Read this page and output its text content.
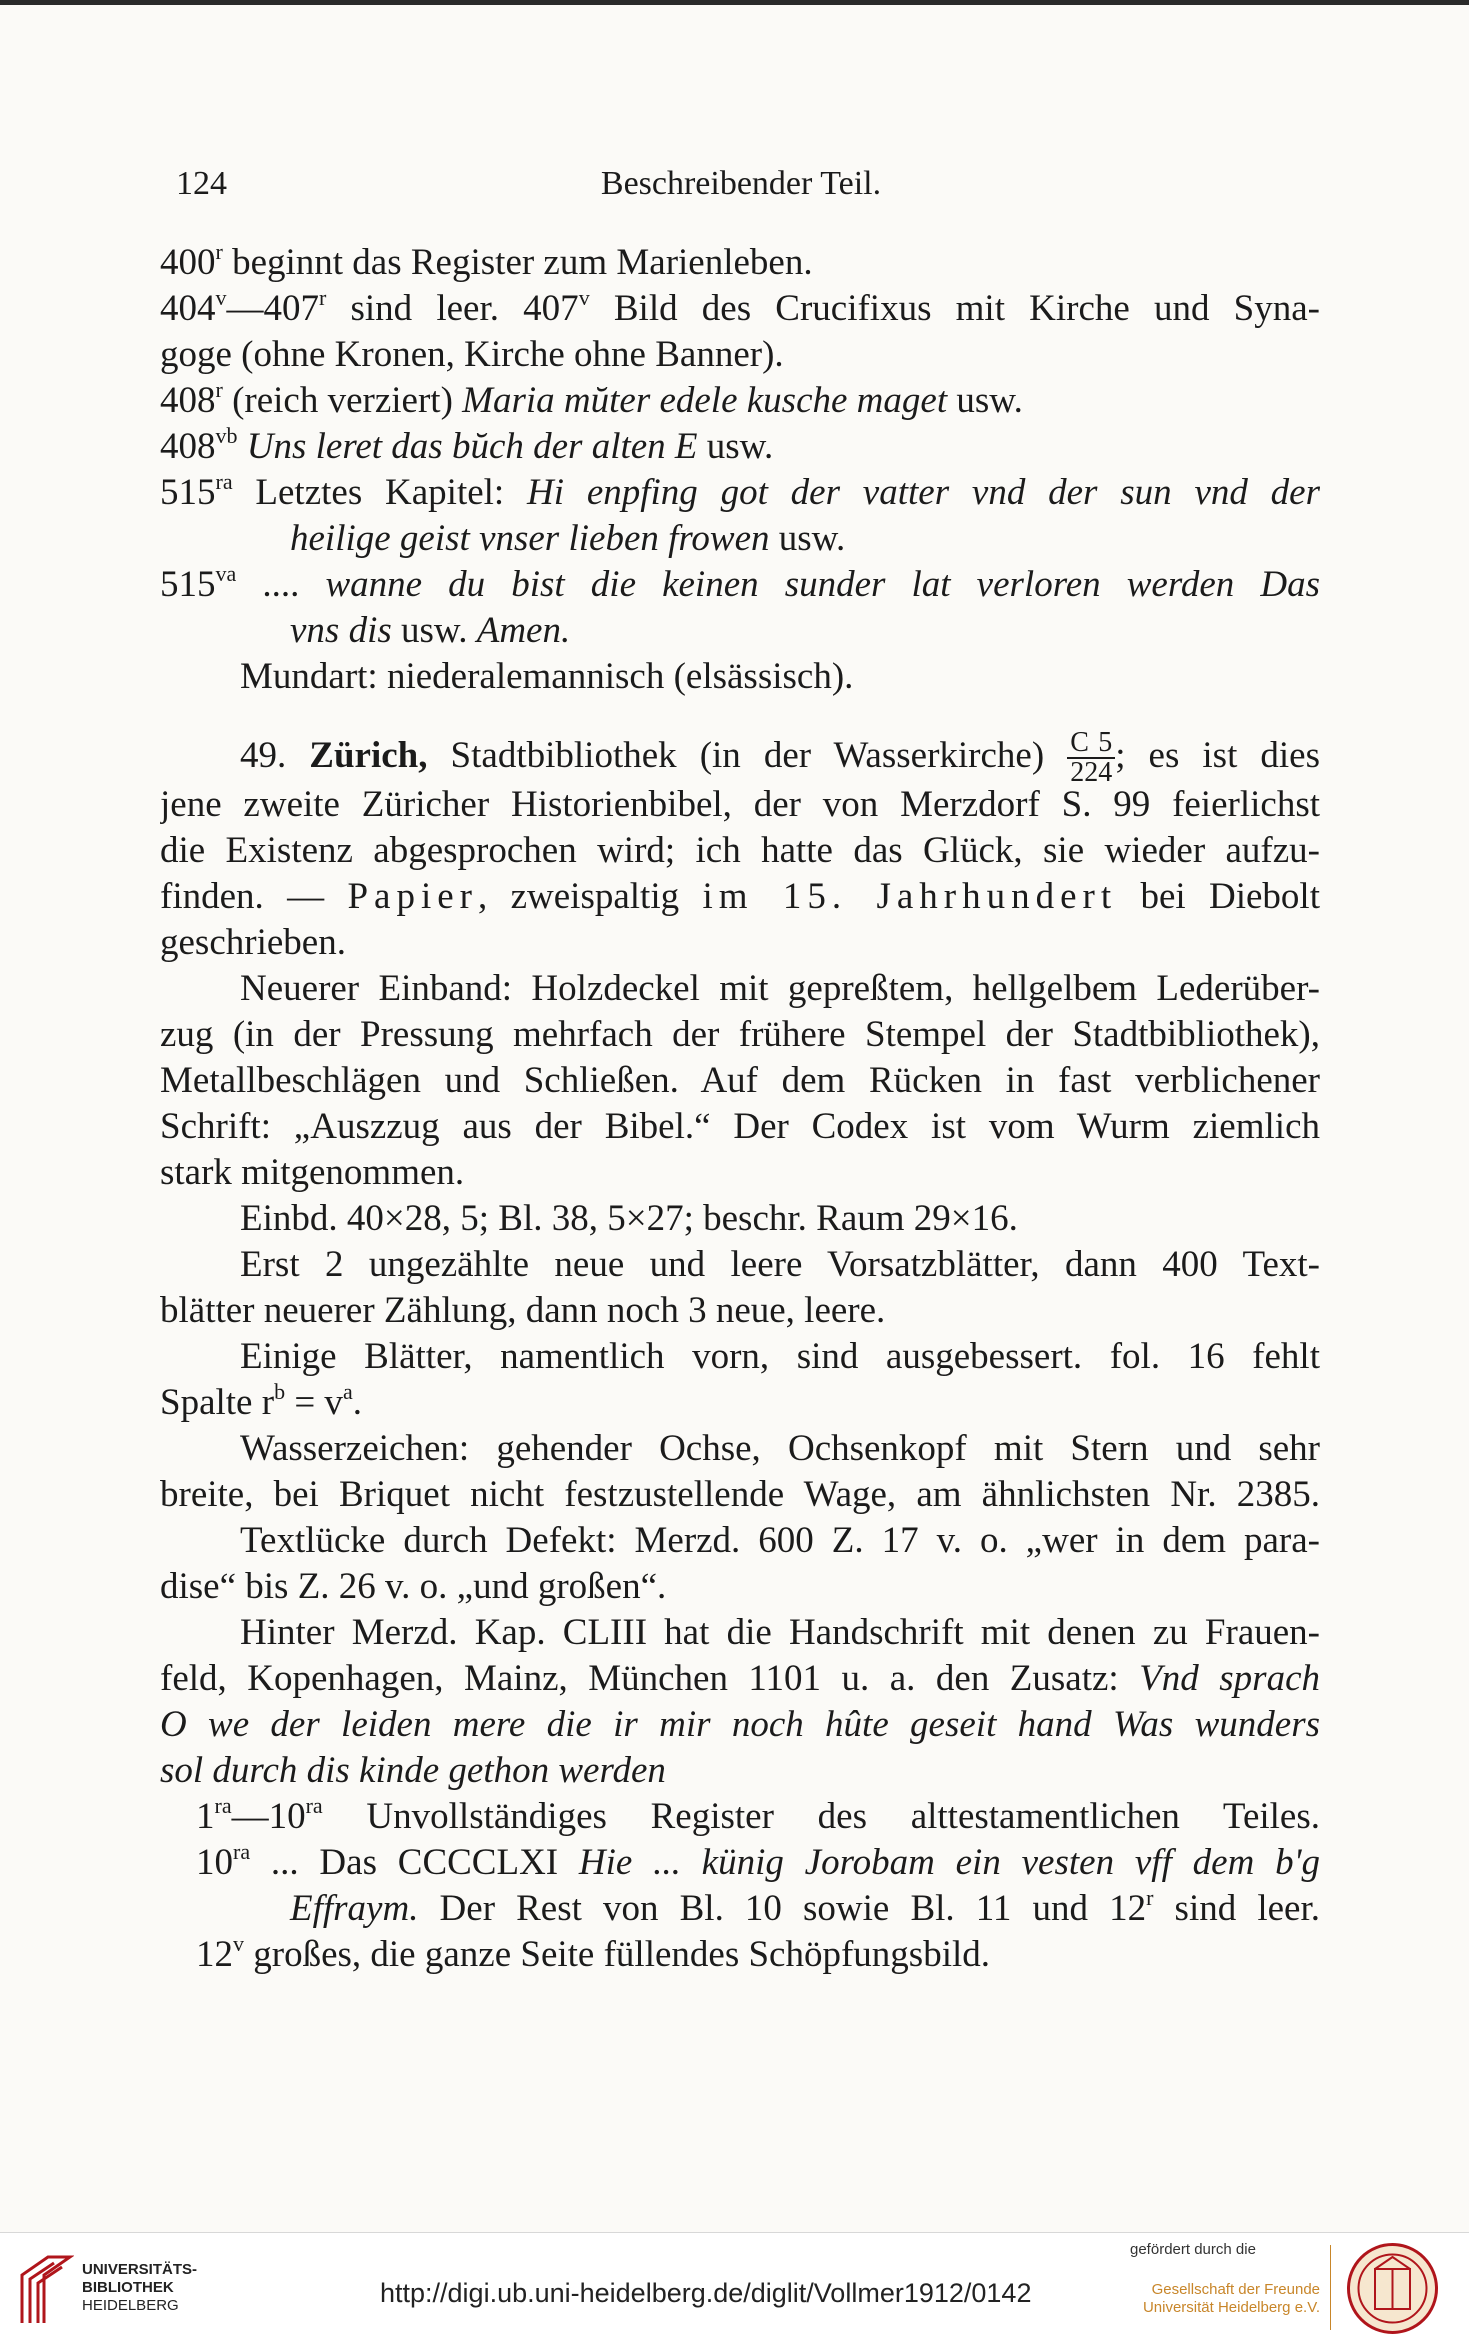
124	Beschreibender Teil.
400$^r$ beginnt das Register zum Marienleben.
404$^v$—407$^r$ sind leer. 407$^v$ Bild des Crucifixus mit Kirche und Syna-
goge (ohne Kronen, Kirche ohne Banner).
408$^r$ (reich verziert) Maria mŭter edele kusche maget usw.
$408^{vb}$ Uns leret das bŭch der alten E usw.
$515^{ra}$ Letztes Kapitel: Hi enpfing got der vatter vnd der sun vnd der
heilige geist vnser lieben frowen usw.
$515^{va}$ .... wanne du bist die keinen sunder lat verloren werden Das
vns dis usw. Amen.
Mundart: niederalemannisch (elsässisch).
49. Zürich, Stadtbibliothek (in der Wasserkirche) $\frac{C 5}{224}$ ; es ist dies
jene zweite Züricher Historienbibel, der von Merzdorf S. 99 feierlichst
die Existenz abgesprochen wird; ich hatte das Glück, sie wieder aufzu-
finden. — Papier, zweispaltig im 15. Jahrhundert bei Diebolt
geschrieben.
Neuerer Einband: Holzdeckel mit gepreßtem, hellgelbem Lederüber-
zug (in der Pressung mehrfach der frühere Stempel der Stadtbibliothek),
Metallbeschlägen und Schließen. Auf dem Rücken in fast verblichener
Schrift: „Auszzug aus der Bibel.“ Der Codex ist vom Wurm ziemlich
stark mitgenommen.
Einbd. 40×28, 5; Bl. 38, 5×27; beschr. Raum 29×16.
Erst 2 ungezählte neue und leere Vorsatzblätter, dann 400 Text-
blätter neuerer Zählung, dann noch 3 neue, leere.
Einige Blätter, namentlich vorn, sind ausgebessert. fol. 16 fehlt
Spalte $r^b = v^a$.
Wasserzeichen: gehender Ochse, Ochsenkopf mit Stern und sehr
breite, bei Briquet nicht festzustellende Wage, am ähnlichsten Nr. 2385.
Textlücke durch Defekt: Merzd. 600 Z. 17 v. o. „wer in dem para-
dise“ bis Z. 26 v. o. „und großen“.
Hinter Merzd. Kap. CLIII hat die Handschrift mit denen zu Frauen-
feld, Kopenhagen, Mainz, München 1101 u. a. den Zusatz: Vnd sprach
O we der leiden mere die ir mir noch hûte geseit hand Was wunders
sol durch dis kinde gethon werden
$1^{ra}—10^{ra}$ Unvollständiges Register des alttestamentlichen Teiles.
$10^{ra}$ ... Das CCCCLXI Hie ... künig Jorobam ein vesten vff dem b'g
Effraym. Der Rest von Bl. 10 sowie Bl. 11 und 12$^r$ sind leer.
12$^v$ großes, die ganze Seite füllendes Schöpfungsbild.
UNIVERSITÄTS-
BIBLIOTHEK
HEIDELBERG	http://digi.ub.uni-heidelberg.de/diglit/Vollmer1912/0142
gefördert durch die
Gesellschaft der Freunde
Universität Heidelberg e.V.
